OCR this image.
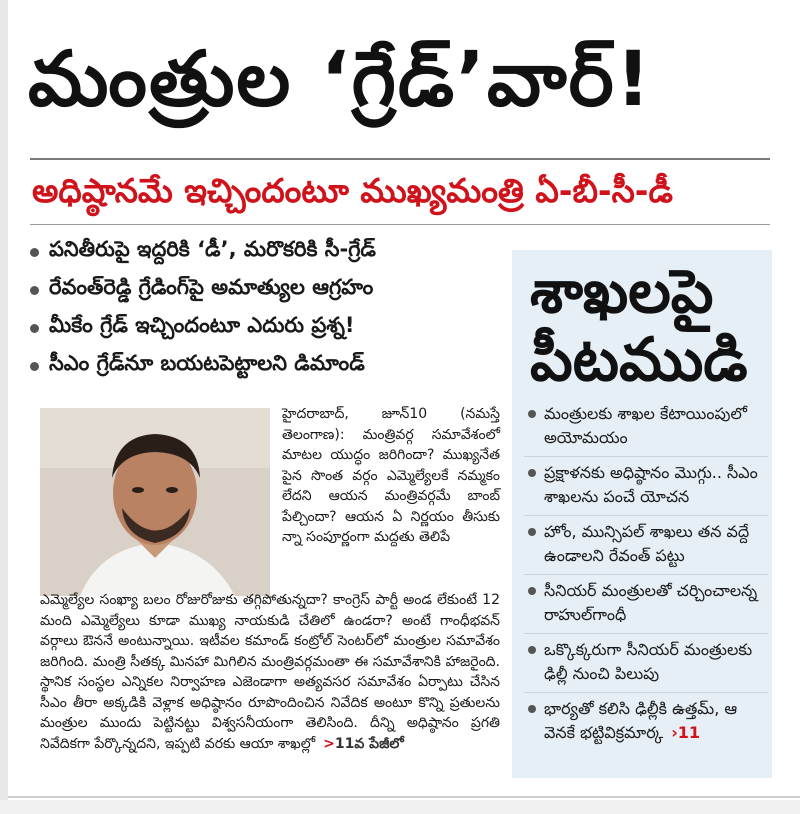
మంత్రుల ‘గ్రేడ్’వార్!
అధిష్ఠానమే ఇచ్చిందంటూ ముఖ్యమంత్రి ఏ-బీ-సీ-డీ
పనితీరుపై ఇద్దరికి ‘డీ’, మరొకరికి సీ-గ్రేడ్
రేవంత్‌రెడ్డి గ్రేడింగ్‌పై అమాత్యుల ఆగ్రహం
మీకేం గ్రేడ్ ఇచ్చిందంటూ ఎదురు ప్రశ్న!
సీఎం గ్రేడ్‌నూ బయటపెట్టాలని డిమాండ్

హైదరాబాద్, జూన్10 (నమస్తే తెలంగాణ): మంత్రివర్గ సమావేశంలో మాటల యుద్ధం జరిగిందా? ముఖ్యనేత పైన సొంత వర్గం ఎమ్మెల్యేలకే నమ్మకం లేదని ఆయన మంత్రివర్గమే బాంబ్ పేల్చిందా? ఆయన ఏ నిర్ణయం తీసుకు న్నా సంపూర్ణంగా మద్దతు తెలిపే

ఎమ్మెల్యేల సంఖ్యా బలం రోజురోజుకు తగ్గిపోతున్నదా? కాంగ్రెస్ పార్టీ అండ లేకుంటే 12 మంది ఎమ్మెల్యేలు కూడా ముఖ్య నాయకుడి చేతిలో ఉండరా? అంటే గాంధీభవన్ వర్గాలు ఔననే అంటున్నాయి. ఇటీవల కమాండ్ కంట్రోల్ సెంటర్‌లో మంత్రుల సమావేశం జరిగింది. మంత్రి సీతక్క మినహా మిగిలిన మంత్రివర్గమంతా ఈ సమావేశానికి హాజరైంది. స్థానిక సంస్థల ఎన్నికల నిర్వాహణ ఎజెండాగా అత్యవసర సమావేశం ఏర్పాటు చేసిన సీఎం తీరా అక్కడికి వెళ్లాక అధిష్ఠానం రూపొందించిన నివేదిక అంటూ కొన్ని ప్రతులను మంత్రుల ముందు పెట్టినట్టు విశ్వసనీయంగా తెలిసింది. దీన్ని అధిష్ఠానం ప్రగతి నివేదికగా పేర్కొన్నదని, ఇప్పటి వరకు ఆయా శాఖల్లో >11వ పేజీలో

శాఖలపై
పీటముడి
మంత్రులకు శాఖల కేటాయింపులో అయోమయం
ప్రక్షాళనకు అధిష్ఠానం మొగ్గు.. సీఎం శాఖలను పంచే యోచన
హోం, మున్సిపల్ శాఖలు తన వద్దే ఉండాలని రేవంత్ పట్టు
సీనియర్ మంత్రులతో చర్చించాలన్న రాహుల్‌గాంధీ
ఒక్కొక్కరుగా సీనియర్ మంత్రులకు ఢిల్లీ నుంచి పిలుపు
భార్యతో కలిసి ఢిల్లీకి ఉత్తమ్, ఆ వెనకే భట్టివిక్రమార్క ›11
